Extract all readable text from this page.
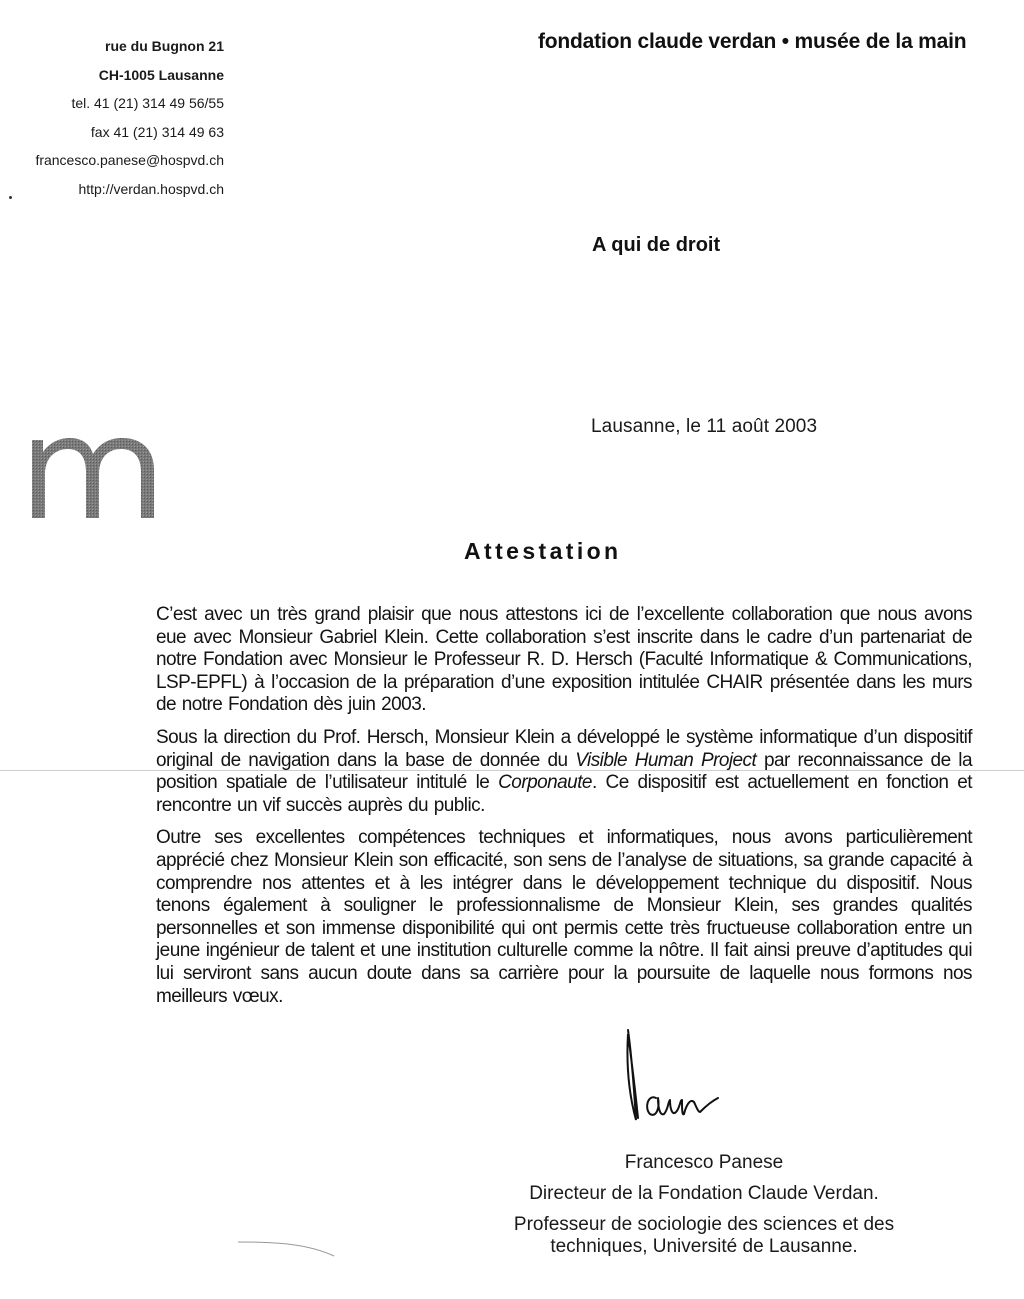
rue du Bugnon 21
CH-1005 Lausanne
tel. 41 (21) 314 49 56/55
fax 41 (21) 314 49 63
francesco.panese@hospvd.ch
http://verdan.hospvd.ch
fondation claude verdan • musée de la main
A qui de droit
Lausanne, le 11 août 2003
Attestation

C’est avec un très grand plaisir que nous attestons ici de l’excellente collaboration que nous avons eue avec Monsieur Gabriel Klein. Cette collaboration s’est inscrite dans le cadre d’un partenariat de notre Fondation avec Monsieur le Professeur R. D. Hersch (Faculté Informatique & Communications, LSP-EPFL) à l’occasion de la préparation d’une exposition intitulée CHAIR présentée dans les murs de notre Fondation dès juin 2003.

Sous la direction du Prof. Hersch, Monsieur Klein a développé le système informatique d’un dispositif original de navigation dans la base de donnée du Visible Human Project par reconnaissance de la position spatiale de l’utilisateur intitulé le Corponaute. Ce dispositif est actuellement en fonction et rencontre un vif succès auprès du public.

Outre ses excellentes compétences techniques et informatiques, nous avons particulièrement apprécié chez Monsieur Klein son efficacité, son sens de l’analyse de situations, sa grande capacité à comprendre nos attentes et à les intégrer dans le développement technique du dispositif. Nous tenons également à souligner le professionnalisme de Monsieur Klein, ses grandes qualités personnelles et son immense disponibilité qui ont permis cette très fructueuse collaboration entre un jeune ingénieur de talent et une institution culturelle comme la nôtre. Il fait ainsi preuve d’aptitudes qui lui serviront sans aucun doute dans sa carrière pour la poursuite de laquelle nous formons nos meilleurs vœux.

Francesco Panese
Directeur de la Fondation Claude Verdan.
Professeur de sociologie des sciences et des techniques, Université de Lausanne.
